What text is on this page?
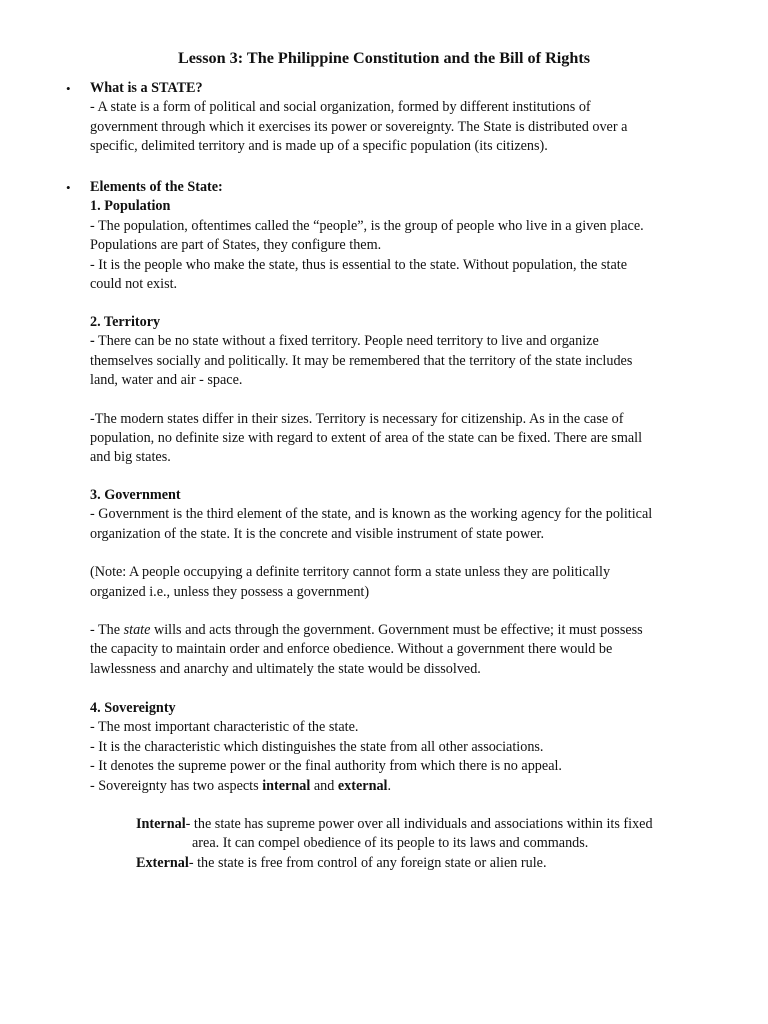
Lesson 3: The Philippine Constitution and the Bill of Rights
• What is a STATE?
- A state is a form of political and social organization, formed by different institutions of
government through which it exercises its power or sovereignty. The State is distributed over a
specific, delimited territory and is made up of a specific population (its citizens).
• Elements of the State:
1. Population
- The population, oftentimes called the “people”, is the group of people who live in a given place.
Populations are part of States, they configure them.
- It is the people who make the state, thus is essential to the state. Without population, the state
could not exist.
2. Territory
- There can be no state without a fixed territory. People need territory to live and organize
themselves socially and politically. It may be remembered that the territory of the state includes
land, water and air - space.
-The modern states differ in their sizes. Territory is necessary for citizenship. As in the case of
population, no definite size with regard to extent of area of the state can be fixed. There are small
and big states.
3. Government
- Government is the third element of the state, and is known as the working agency for the political
organization of the state. It is the concrete and visible instrument of state power.
(Note: A people occupying a definite territory cannot form a state unless they are politically
organized i.e., unless they possess a government)
- The state wills and acts through the government. Government must be effective; it must possess
the capacity to maintain order and enforce obedience. Without a government there would be
lawlessness and anarchy and ultimately the state would be dissolved.
4. Sovereignty
- The most important characteristic of the state.
- It is the characteristic which distinguishes the state from all other associations.
- It denotes the supreme power or the final authority from which there is no appeal.
- Sovereignty has two aspects internal and external.
Internal- the state has supreme power over all individuals and associations within its fixed
area. It can compel obedience of its people to its laws and commands.
External- the state is free from control of any foreign state or alien rule.
